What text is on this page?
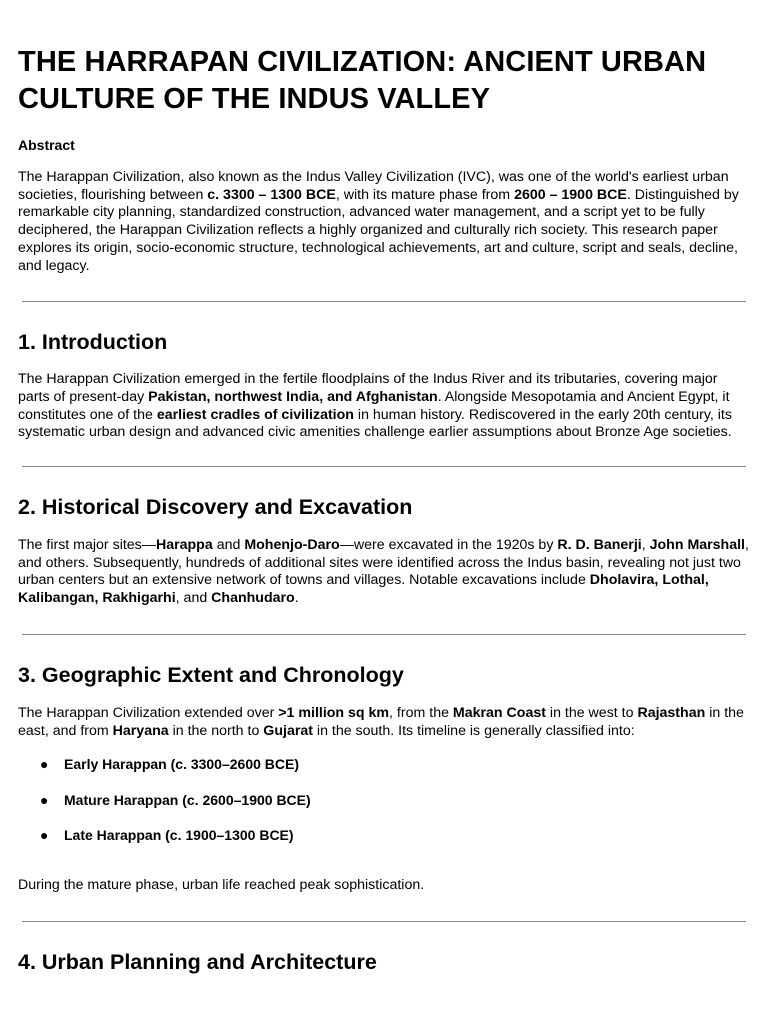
THE HARRAPAN CIVILIZATION: ANCIENT URBAN CULTURE OF THE INDUS VALLEY
Abstract

The Harappan Civilization, also known as the Indus Valley Civilization (IVC), was one of the world's earliest urban societies, flourishing between c. 3300 – 1300 BCE, with its mature phase from 2600 – 1900 BCE. Distinguished by remarkable city planning, standardized construction, advanced water management, and a script yet to be fully deciphered, the Harappan Civilization reflects a highly organized and culturally rich society. This research paper explores its origin, socio-economic structure, technological achievements, art and culture, script and seals, decline, and legacy.

1. Introduction

The Harappan Civilization emerged in the fertile floodplains of the Indus River and its tributaries, covering major parts of present-day Pakistan, northwest India, and Afghanistan. Alongside Mesopotamia and Ancient Egypt, it constitutes one of the earliest cradles of civilization in human history. Rediscovered in the early 20th century, its systematic urban design and advanced civic amenities challenge earlier assumptions about Bronze Age societies.

2. Historical Discovery and Excavation

The first major sites—Harappa and Mohenjo-Daro—were excavated in the 1920s by R. D. Banerji, John Marshall, and others. Subsequently, hundreds of additional sites were identified across the Indus basin, revealing not just two urban centers but an extensive network of towns and villages. Notable excavations include Dholavira, Lothal, Kalibangan, Rakhigarhi, and Chanhudaro.

3. Geographic Extent and Chronology

The Harappan Civilization extended over >1 million sq km, from the Makran Coast in the west to Rajasthan in the east, and from Haryana in the north to Gujarat in the south. Its timeline is generally classified into:

● Early Harappan (c. 3300–2600 BCE)
● Mature Harappan (c. 2600–1900 BCE)
● Late Harappan (c. 1900–1300 BCE)

During the mature phase, urban life reached peak sophistication.

4. Urban Planning and Architecture
